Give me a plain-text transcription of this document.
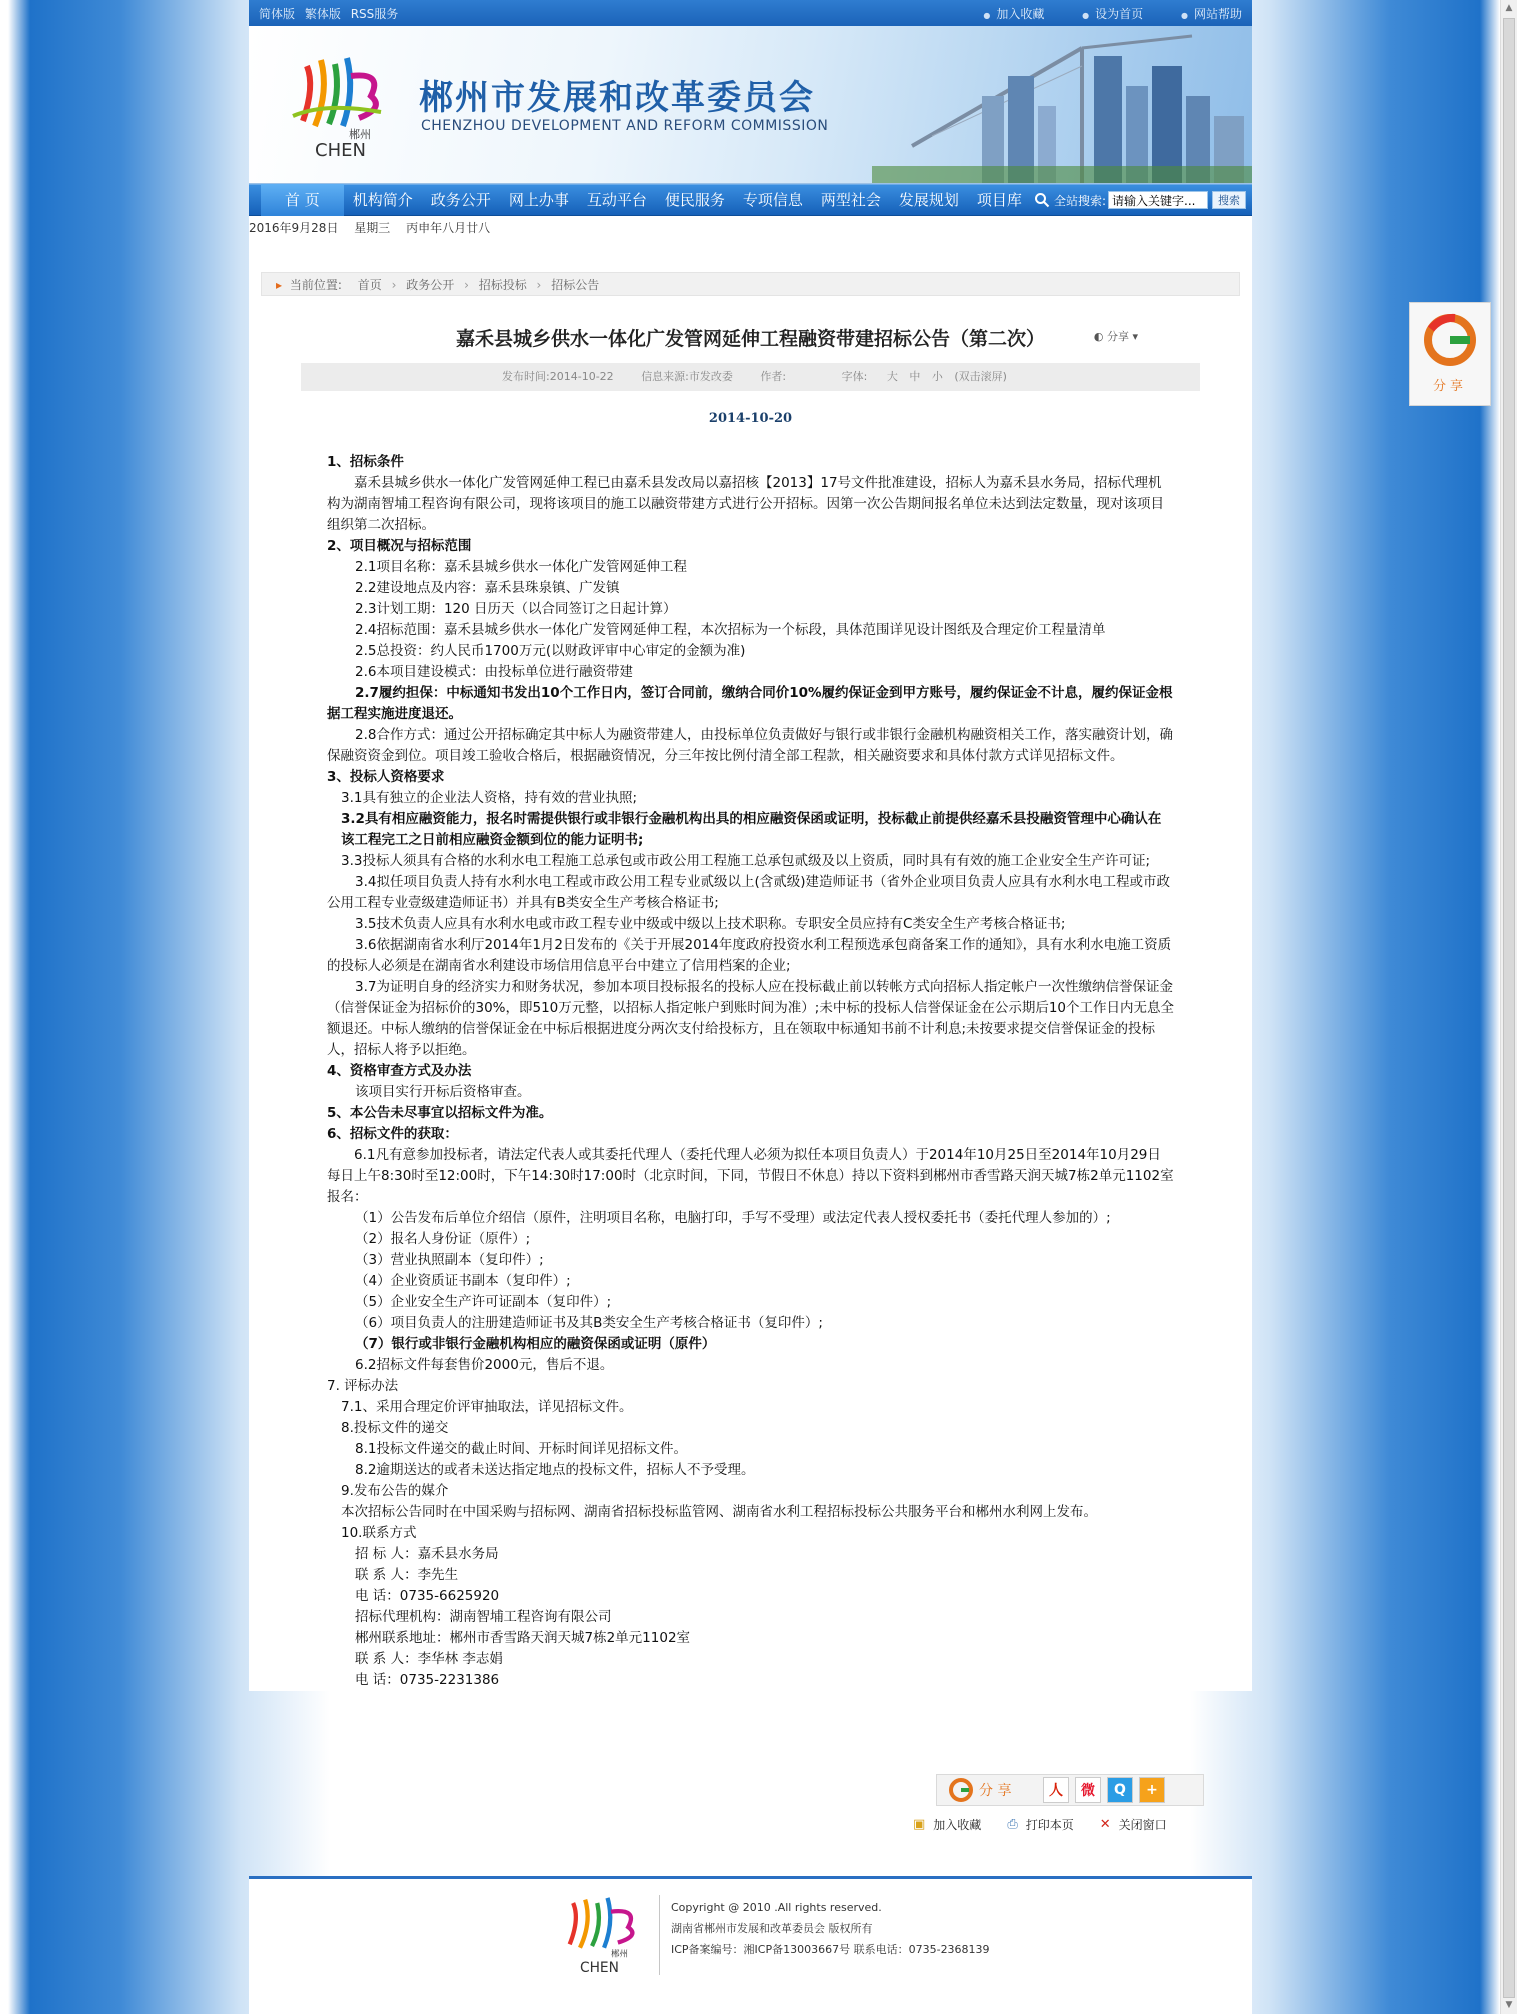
简体版 繁体版 RSS服务	● 加入收藏	● 设为首页	● 网站帮助
郴州
CHEN
郴州市发展和改革委员会
CHENZHOU DEVELOPMENT AND REFORM COMMISSION
首 页	机构简介	政务公开	网上办事	互动平台	便民服务	专项信息	两型社会	发展规划	项目库	全站搜索:
请输入关键字...	搜索
2016年9月28日 星期三 丙申年八月廿八
▸ 当前位置: 首页 › 政务公开 › 招标投标 › 招标公告
嘉禾县城乡供水一体化广发管网延伸工程融资带建招标公告（第二次）	◐ 分享 ▾
发布时间:2014-10-22	信息来源:市发改委	作者:	字体: 大 中 小 (双击滚屏)
2014-10-20

1、招标条件

嘉禾县城乡供水一体化广发管网延伸工程已由嘉禾县发改局以嘉招核【2013】17号文件批准建设，招标人为嘉禾县水务局，招标代理机构为湖南智埔工程咨询有限公司，现将该项目的施工以融资带建方式进行公开招标。因第一次公告期间报名单位未达到法定数量，现对该项目组织第二次招标。

2、项目概况与招标范围

2.1项目名称：嘉禾县城乡供水一体化广发管网延伸工程

2.2建设地点及内容：嘉禾县珠泉镇、广发镇

2.3计划工期：120 日历天（以合同签订之日起计算）

2.4招标范围：嘉禾县城乡供水一体化广发管网延伸工程，本次招标为一个标段，具体范围详见设计图纸及合理定价工程量清单

2.5总投资：约人民币1700万元(以财政评审中心审定的金额为准)

2.6本项目建设模式：由投标单位进行融资带建

2.7履约担保：中标通知书发出10个工作日内，签订合同前，缴纳合同价10%履约保证金到甲方账号，履约保证金不计息，履约保证金根据工程实施进度退还。

2.8合作方式：通过公开招标确定其中标人为融资带建人，由投标单位负责做好与银行或非银行金融机构融资相关工作，落实融资计划，确保融资资金到位。项目竣工验收合格后，根据融资情况，分三年按比例付清全部工程款，相关融资要求和具体付款方式详见招标文件。

3、投标人资格要求

3.1具有独立的企业法人资格，持有效的营业执照;

3.2具有相应融资能力，报名时需提供银行或非银行金融机构出具的相应融资保函或证明，投标截止前提供经嘉禾县投融资管理中心确认在该工程完工之日前相应融资金额到位的能力证明书;

3.3投标人须具有合格的水利水电工程施工总承包或市政公用工程施工总承包贰级及以上资质，同时具有有效的施工企业安全生产许可证;

3.4拟任项目负责人持有水利水电工程或市政公用工程专业贰级以上(含贰级)建造师证书（省外企业项目负责人应具有水利水电工程或市政公用工程专业壹级建造师证书）并具有B类安全生产考核合格证书;

3.5技术负责人应具有水利水电或市政工程专业中级或中级以上技术职称。专职安全员应持有C类安全生产考核合格证书;

3.6依据湖南省水利厅2014年1月2日发布的《关于开展2014年度政府投资水利工程预选承包商备案工作的通知》，具有水利水电施工资质的投标人必须是在湖南省水利建设市场信用信息平台中建立了信用档案的企业;

3.7为证明自身的经济实力和财务状况，参加本项目投标报名的投标人应在投标截止前以转帐方式向招标人指定帐户一次性缴纳信誉保证金（信誉保证金为招标价的30%，即510万元整，以招标人指定帐户到账时间为准）;未中标的投标人信誉保证金在公示期后10个工作日内无息全额退还。中标人缴纳的信誉保证金在中标后根据进度分两次支付给投标方，且在领取中标通知书前不计利息;未按要求提交信誉保证金的投标人，招标人将予以拒绝。

4、资格审查方式及办法

该项目实行开标后资格审查。

5、本公告未尽事宜以招标文件为准。

6、招标文件的获取：

6.1凡有意参加投标者，请法定代表人或其委托代理人（委托代理人必须为拟任本项目负责人）于2014年10月25日至2014年10月29日每日上午8:30时至12:00时，下午14:30时17:00时（北京时间，下同，节假日不休息）持以下资料到郴州市香雪路天润天城7栋2单元1102室报名：

（1）公告发布后单位介绍信（原件，注明项目名称，电脑打印，手写不受理）或法定代表人授权委托书（委托代理人参加的）;

（2）报名人身份证（原件）;

（3）营业执照副本（复印件）;

（4）企业资质证书副本（复印件）;

（5）企业安全生产许可证副本（复印件）;

（6）项目负责人的注册建造师证书及其B类安全生产考核合格证书（复印件）;

（7）银行或非银行金融机构相应的融资保函或证明（原件）

6.2招标文件每套售价2000元，售后不退。

7. 评标办法

7.1、采用合理定价评审抽取法，详见招标文件。

8.投标文件的递交

8.1投标文件递交的截止时间、开标时间详见招标文件。

8.2逾期送达的或者未送达指定地点的投标文件，招标人不予受理。

9.发布公告的媒介

本次招标公告同时在中国采购与招标网、湖南省招标投标监管网、湖南省水利工程招标投标公共服务平台和郴州水利网上发布。

10.联系方式

招 标 人：嘉禾县水务局

联 系 人：李先生

电 话：0735-6625920

招标代理机构：湖南智埔工程咨询有限公司

郴州联系地址：郴州市香雪路天润天城7栋2单元1102室

联 系 人：李华林 李志娟

电 话：0735-2231386

分 享	人	微	Q	+
▣ 加入收藏 ⎙ 打印本页 ✕ 关闭窗口
郴州
CHEN
Copyright @ 2010 .All rights reserved.
湖南省郴州市发展和改革委员会 版权所有
ICP备案编号：湘ICP备13003667号 联系电话：0735-2368139
分享
▲
▼
